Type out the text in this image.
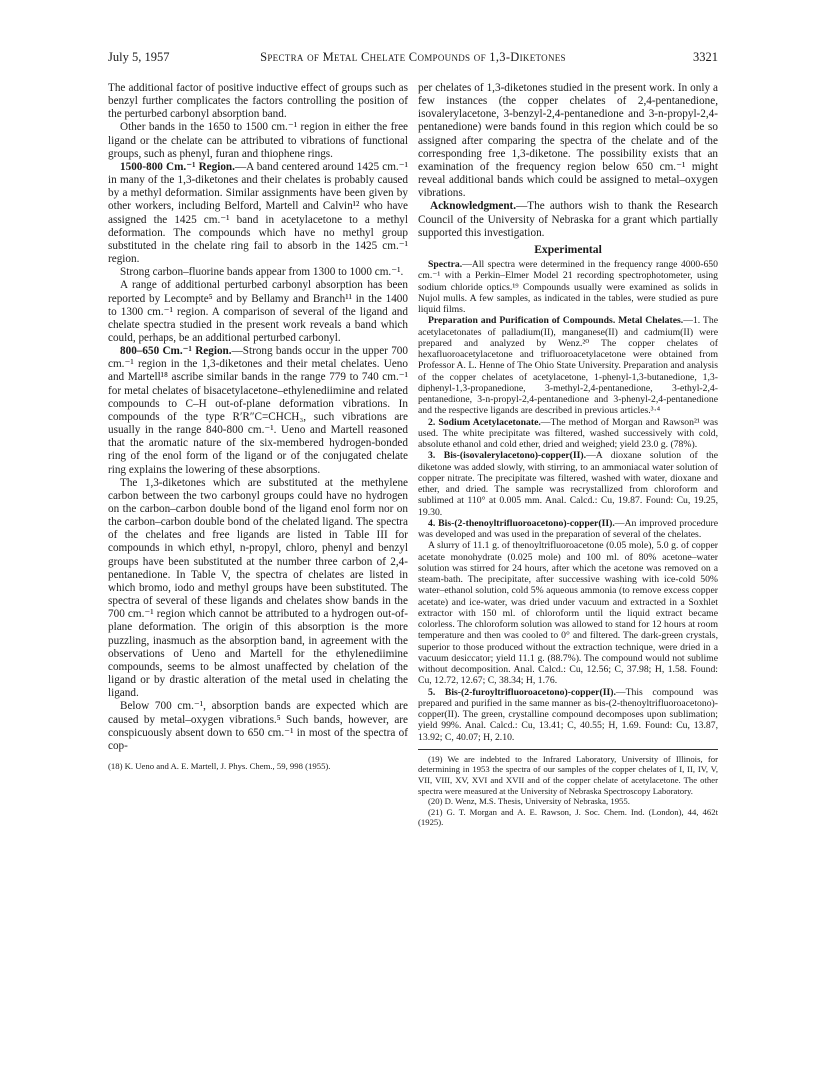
July 5, 1957	Spectra of Metal Chelate Compounds of 1,3-Diketones	3321

The additional factor of positive inductive effect of groups such as benzyl further complicates the factors controlling the position of the perturbed carbonyl absorption band.

Other bands in the 1650 to 1500 cm.⁻¹ region in either the free ligand or the chelate can be attributed to vibrations of functional groups, such as phenyl, furan and thiophene rings.

1500-800 Cm.⁻¹ Region.—A band centered around 1425 cm.⁻¹ in many of the 1,3-diketones and their chelates is probably caused by a methyl deformation. Similar assignments have been given by other workers, including Belford, Martell and Calvin¹² who have assigned the 1425 cm.⁻¹ band in acetylacetone to a methyl deformation. The compounds which have no methyl group substituted in the chelate ring fail to absorb in the 1425 cm.⁻¹ region.

Strong carbon–fluorine bands appear from 1300 to 1000 cm.⁻¹.

A range of additional perturbed carbonyl absorption has been reported by Lecompte⁵ and by Bellamy and Branch¹¹ in the 1400 to 1300 cm.⁻¹ region. A comparison of several of the ligand and chelate spectra studied in the present work reveals a band which could, perhaps, be an additional perturbed carbonyl.

800–650 Cm.⁻¹ Region.—Strong bands occur in the upper 700 cm.⁻¹ region in the 1,3-diketones and their metal chelates. Ueno and Martell¹⁸ ascribe similar bands in the range 779 to 740 cm.⁻¹ for metal chelates of bisacetylacetone–ethylenediimine and related compounds to C–H out-of-plane deformation vibrations. In compounds of the type R′R″C=CHCH₃, such vibrations are usually in the range 840-800 cm.⁻¹. Ueno and Martell reasoned that the aromatic nature of the six-membered hydrogen-bonded ring of the enol form of the ligand or of the conjugated chelate ring explains the lowering of these absorptions.

The 1,3-diketones which are substituted at the methylene carbon between the two carbonyl groups could have no hydrogen on the carbon–carbon double bond of the ligand enol form nor on the carbon–carbon double bond of the chelated ligand. The spectra of the chelates and free ligands are listed in Table III for compounds in which ethyl, n-propyl, chloro, phenyl and benzyl groups have been substituted at the number three carbon of 2,4-pentanedione. In Table V, the spectra of chelates are listed in which bromo, iodo and methyl groups have been substituted. The spectra of several of these ligands and chelates show bands in the 700 cm.⁻¹ region which cannot be attributed to a hydrogen out-of-plane deformation. The origin of this absorption is the more puzzling, inasmuch as the absorption band, in agreement with the observations of Ueno and Martell for the ethylenediimine compounds, seems to be almost unaffected by chelation of the ligand or by drastic alteration of the metal used in chelating the ligand.

Below 700 cm.⁻¹, absorption bands are expected which are caused by metal–oxygen vibrations.⁵ Such bands, however, are conspicuously absent down to 650 cm.⁻¹ in most of the spectra of cop-

(18) K. Ueno and A. E. Martell, J. Phys. Chem., 59, 998 (1955).

per chelates of 1,3-diketones studied in the present work. In only a few instances (the copper chelates of 2,4-pentanedione, isovalerylacetone, 3-benzyl-2,4-pentanedione and 3-n-propyl-2,4-pentanedione) were bands found in this region which could be so assigned after comparing the spectra of the chelate and of the corresponding free 1,3-diketone. The possibility exists that an examination of the frequency region below 650 cm.⁻¹ might reveal additional bands which could be assigned to metal–oxygen vibrations.

Acknowledgment.—The authors wish to thank the Research Council of the University of Nebraska for a grant which partially supported this investigation.

Experimental

Spectra.—All spectra were determined in the frequency range 4000-650 cm.⁻¹ with a Perkin–Elmer Model 21 recording spectrophotometer, using sodium chloride optics.¹⁹ Compounds usually were examined as solids in Nujol mulls. A few samples, as indicated in the tables, were studied as pure liquid films.

Preparation and Purification of Compounds. Metal Chelates.—1. The acetylacetonates of palladium(II), manganese(II) and cadmium(II) were prepared and analyzed by Wenz.²⁰ The copper chelates of hexafluoroacetylacetone and trifluoroacetylacetone were obtained from Professor A. L. Henne of The Ohio State University. Preparation and analysis of the copper chelates of acetylacetone, 1-phenyl-1,3-butanedione, 1,3-diphenyl-1,3-propanedione, 3-methyl-2,4-pentanedione, 3-ethyl-2,4-pentanedione, 3-n-propyl-2,4-pentanedione and 3-phenyl-2,4-pentanedione and the respective ligands are described in previous articles.³·⁴

2. Sodium Acetylacetonate.—The method of Morgan and Rawson²¹ was used. The white precipitate was filtered, washed successively with cold, absolute ethanol and cold ether, dried and weighed; yield 23.0 g. (78%).

3. Bis-(isovalerylacetono)-copper(II).—A dioxane solution of the diketone was added slowly, with stirring, to an ammoniacal water solution of copper nitrate. The precipitate was filtered, washed with water, dioxane and ether, and dried. The sample was recrystallized from chloroform and sublimed at 110° at 0.005 mm. Anal. Calcd.: Cu, 19.87. Found: Cu, 19.25, 19.30.

4. Bis-(2-thenoyltrifluoroacetono)-copper(II).—An improved procedure was developed and was used in the preparation of several of the chelates.

A slurry of 11.1 g. of thenoyltrifluoroacetone (0.05 mole), 5.0 g. of copper acetate monohydrate (0.025 mole) and 100 ml. of 80% acetone–water solution was stirred for 24 hours, after which the acetone was removed on a steam-bath. The precipitate, after successive washing with ice-cold 50% water–ethanol solution, cold 5% aqueous ammonia (to remove excess copper acetate) and ice-water, was dried under vacuum and extracted in a Soxhlet extractor with 150 ml. of chloroform until the liquid extract became colorless. The chloroform solution was allowed to stand for 12 hours at room temperature and then was cooled to 0° and filtered. The dark-green crystals, superior to those produced without the extraction technique, were dried in a vacuum desiccator; yield 11.1 g. (88.7%). The compound would not sublime without decomposition. Anal. Calcd.: Cu, 12.56; C, 37.98; H, 1.58. Found: Cu, 12.72, 12.67; C, 38.34; H, 1.76.

5. Bis-(2-furoyltrifluoroacetono)-copper(II).—This compound was prepared and purified in the same manner as bis-(2-thenoyltrifluoroacetono)-copper(II). The green, crystalline compound decomposes upon sublimation; yield 99%. Anal. Calcd.: Cu, 13.41; C, 40.55; H, 1.69. Found: Cu, 13.87, 13.92; C, 40.07; H, 2.10.

(19) We are indebted to the Infrared Laboratory, University of Illinois, for determining in 1953 the spectra of our samples of the copper chelates of I, II, IV, V, VII, VIII, XV, XVI and XVII and of the copper chelate of acetylacetone. The other spectra were measured at the University of Nebraska Spectroscopy Laboratory.

(20) D. Wenz, M.S. Thesis, University of Nebraska, 1955.

(21) G. T. Morgan and A. E. Rawson, J. Soc. Chem. Ind. (London), 44, 462t (1925).
